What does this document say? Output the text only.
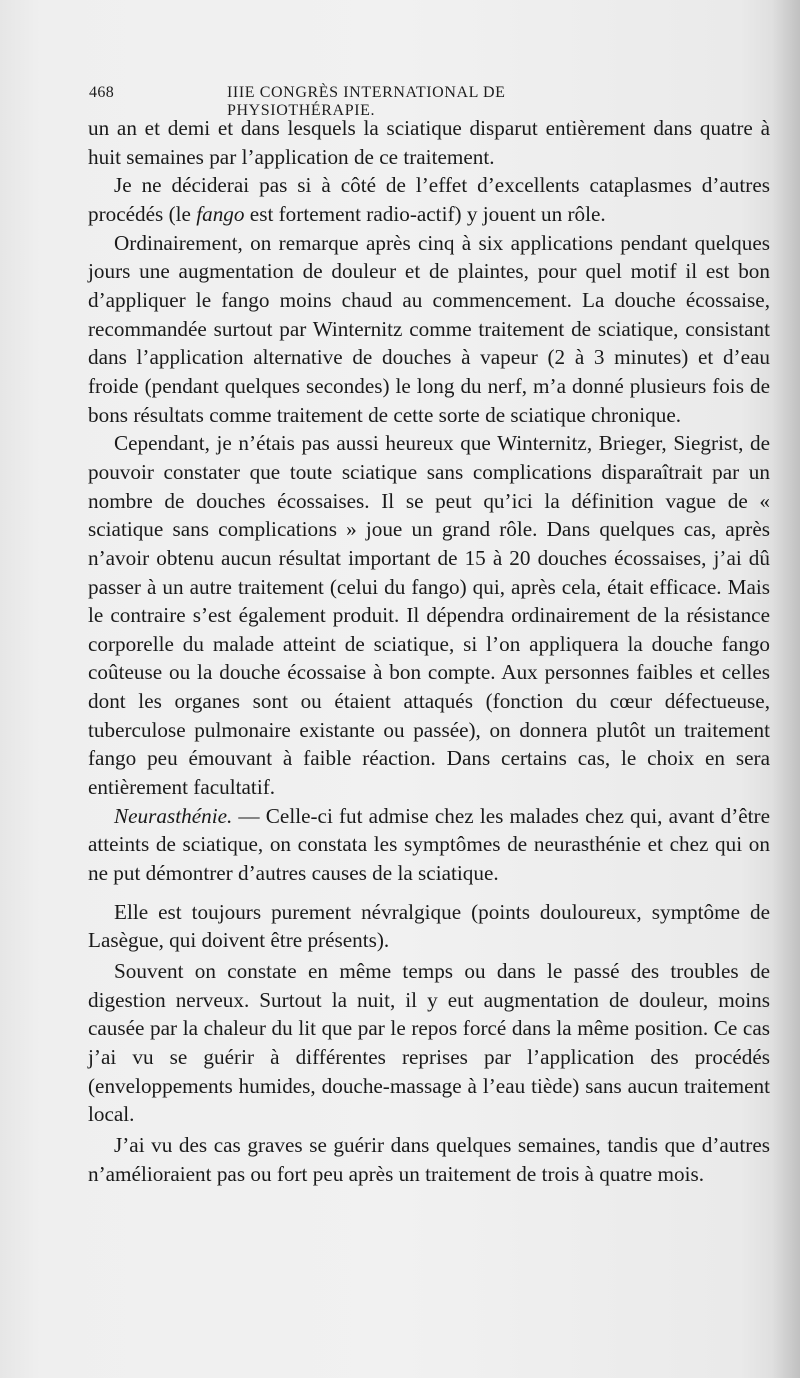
468	IIIE CONGRÈS INTERNATIONAL DE PHYSIOTHÉRAPIE.

un an et demi et dans lesquels la sciatique disparut entièrement dans quatre à huit semaines par l’application de ce traitement.

Je ne déciderai pas si à côté de l’effet d’excellents cataplasmes d’autres procédés (le fango est fortement radio-actif) y jouent un rôle.

Ordinairement, on remarque après cinq à six applications pendant quelques jours une augmentation de douleur et de plaintes, pour quel motif il est bon d’appliquer le fango moins chaud au commencement. La douche écossaise, recommandée surtout par Winternitz comme traitement de sciatique, consistant dans l’application alternative de douches à vapeur (2 à 3 minutes) et d’eau froide (pendant quelques secondes) le long du nerf, m’a donné plusieurs fois de bons résultats comme traitement de cette sorte de sciatique chronique.

Cependant, je n’étais pas aussi heureux que Winternitz, Brieger, Siegrist, de pouvoir constater que toute sciatique sans complications disparaîtrait par un nombre de douches écossaises. Il se peut qu’ici la définition vague de « sciatique sans complications » joue un grand rôle. Dans quelques cas, après n’avoir obtenu aucun résultat important de 15 à 20 douches écossaises, j’ai dû passer à un autre traitement (celui du fango) qui, après cela, était efficace. Mais le contraire s’est également produit. Il dépendra ordinairement de la résistance corporelle du malade atteint de sciatique, si l’on appliquera la douche fango coûteuse ou la douche écossaise à bon compte. Aux personnes faibles et celles dont les organes sont ou étaient attaqués (fonction du cœur défectueuse, tuberculose pulmonaire existante ou passée), on donnera plutôt un traitement fango peu émouvant à faible réaction. Dans certains cas, le choix en sera entièrement facultatif.

Neurasthénie. — Celle-ci fut admise chez les malades chez qui, avant d’être atteints de sciatique, on constata les symptômes de neurasthénie et chez qui on ne put démontrer d’autres causes de la sciatique.

Elle est toujours purement névralgique (points douloureux, symptôme de Lasègue, qui doivent être présents).

Souvent on constate en même temps ou dans le passé des troubles de digestion nerveux. Surtout la nuit, il y eut augmentation de douleur, moins causée par la chaleur du lit que par le repos forcé dans la même position. Ce cas j’ai vu se guérir à différentes reprises par l’application des procédés (enveloppements humides, douche-massage à l’eau tiède) sans aucun traitement local.

J’ai vu des cas graves se guérir dans quelques semaines, tandis que d’autres n’amélioraient pas ou fort peu après un traitement de trois à quatre mois.
